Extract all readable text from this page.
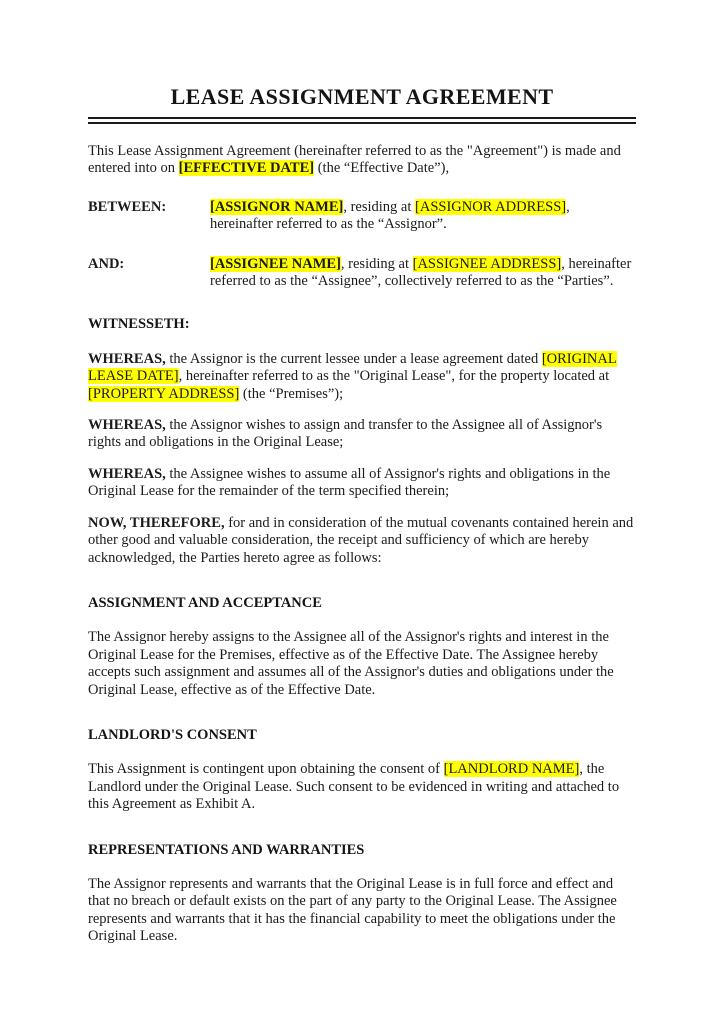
LEASE ASSIGNMENT AGREEMENT

This Lease Assignment Agreement (hereinafter referred to as the "Agreement") is made and entered into on [EFFECTIVE DATE] (the “Effective Date”),

BETWEEN:	[ASSIGNOR NAME], residing at [ASSIGNOR ADDRESS], hereinafter referred to as the “Assignor”.

AND:	[ASSIGNEE NAME], residing at [ASSIGNEE ADDRESS], hereinafter referred to as the “Assignee”, collectively referred to as the “Parties”.

WITNESSETH:

WHEREAS, the Assignor is the current lessee under a lease agreement dated [ORIGINAL LEASE DATE], hereinafter referred to as the "Original Lease", for the property located at [PROPERTY ADDRESS] (the “Premises”);

WHEREAS, the Assignor wishes to assign and transfer to the Assignee all of Assignor's rights and obligations in the Original Lease;

WHEREAS, the Assignee wishes to assume all of Assignor's rights and obligations in the Original Lease for the remainder of the term specified therein;

NOW, THEREFORE, for and in consideration of the mutual covenants contained herein and other good and valuable consideration, the receipt and sufficiency of which are hereby acknowledged, the Parties hereto agree as follows:

ASSIGNMENT AND ACCEPTANCE

The Assignor hereby assigns to the Assignee all of the Assignor's rights and interest in the Original Lease for the Premises, effective as of the Effective Date. The Assignee hereby accepts such assignment and assumes all of the Assignor's duties and obligations under the Original Lease, effective as of the Effective Date.

LANDLORD'S CONSENT

This Assignment is contingent upon obtaining the consent of [LANDLORD NAME], the Landlord under the Original Lease. Such consent to be evidenced in writing and attached to this Agreement as Exhibit A.

REPRESENTATIONS AND WARRANTIES

The Assignor represents and warrants that the Original Lease is in full force and effect and that no breach or default exists on the part of any party to the Original Lease. The Assignee represents and warrants that it has the financial capability to meet the obligations under the Original Lease.
